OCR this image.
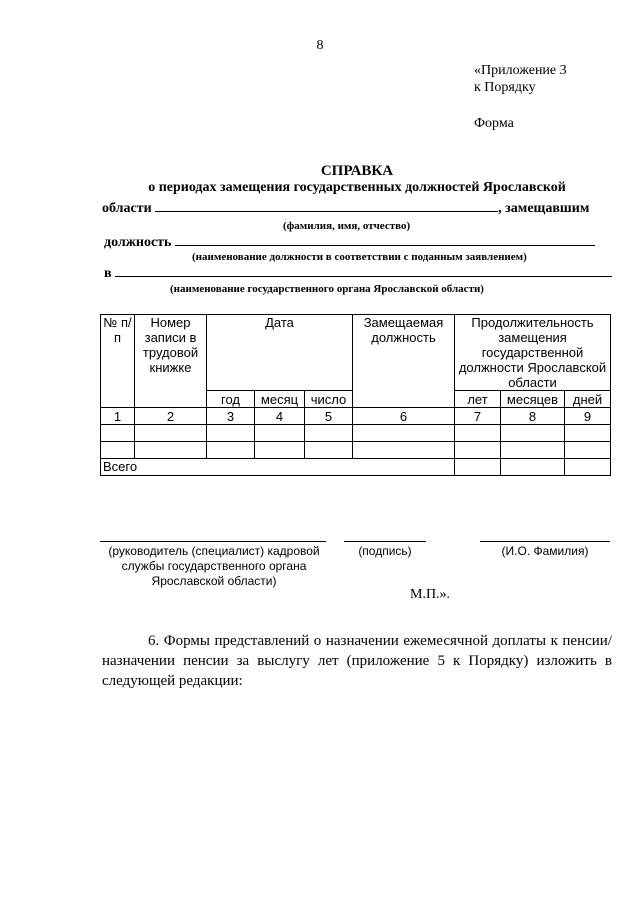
8
«Приложение 3
к Порядку
Форма
СПРАВКА
о периодах замещения государственных должностей Ярославской
области	, замещавшим
(фамилия, имя, отчество)
должность
(наименование должности в соответствии с поданным заявлением)
в
(наименование государственного органа Ярославской области)
№ п/п	Номер записи в трудовой книжке	Дата			Замещаемая должность	Продолжительность замещения государственной должности Ярославской области		
		год	месяц	число		лет	месяцев	дней
1	2	3	4	5	6	7	8	9

Всего								
(руководитель (специалист) кадровой
службы государственного органа
Ярославской области)
(подпись)	(И.О. Фамилия)
М.П.».
6. Формы представлений о назначении ежемесячной доплаты к пенсии/ назначении пенсии за выслугу лет (приложение 5 к Порядку) изложить в следующей редакции:
